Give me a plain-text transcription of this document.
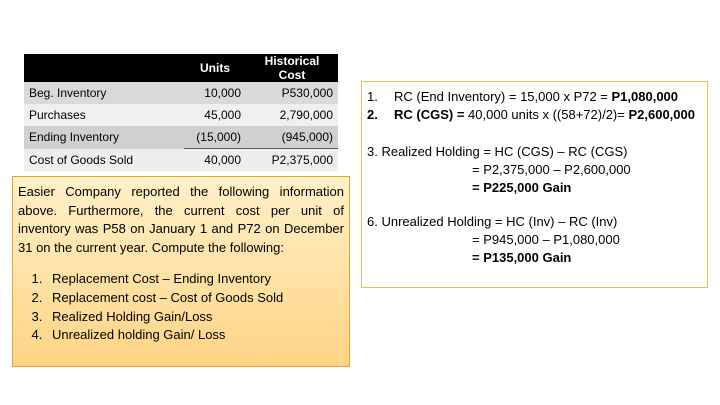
	Units	Historical Cost
Beg. Inventory	10,000	P530,000
Purchases	45,000	2,790,000
Ending Inventory	(15,000)	(945,000)
Cost of Goods Sold	40,000	P2,375,000

Easier Company reported the following information above. Furthermore, the current cost per unit of inventory was P58 on January 1 and P72 on December 31 on the current year. Compute the following:

1. Replacement Cost – Ending Inventory
2. Replacement cost – Cost of Goods Sold
3. Realized Holding Gain/Loss
4. Unrealized holding Gain/ Loss
1. RC (End Inventory) = 15,000 x P72 = P1,080,000
2. RC (CGS) = 40,000 units x ((58+72)/2)= P2,600,000
3. Realized Holding = HC (CGS) – RC (CGS)
= P2,375,000 – P2,600,000
= P225,000 Gain
6. Unrealized Holding = HC (Inv) – RC (Inv)
= P945,000 – P1,080,000
= P135,000 Gain
